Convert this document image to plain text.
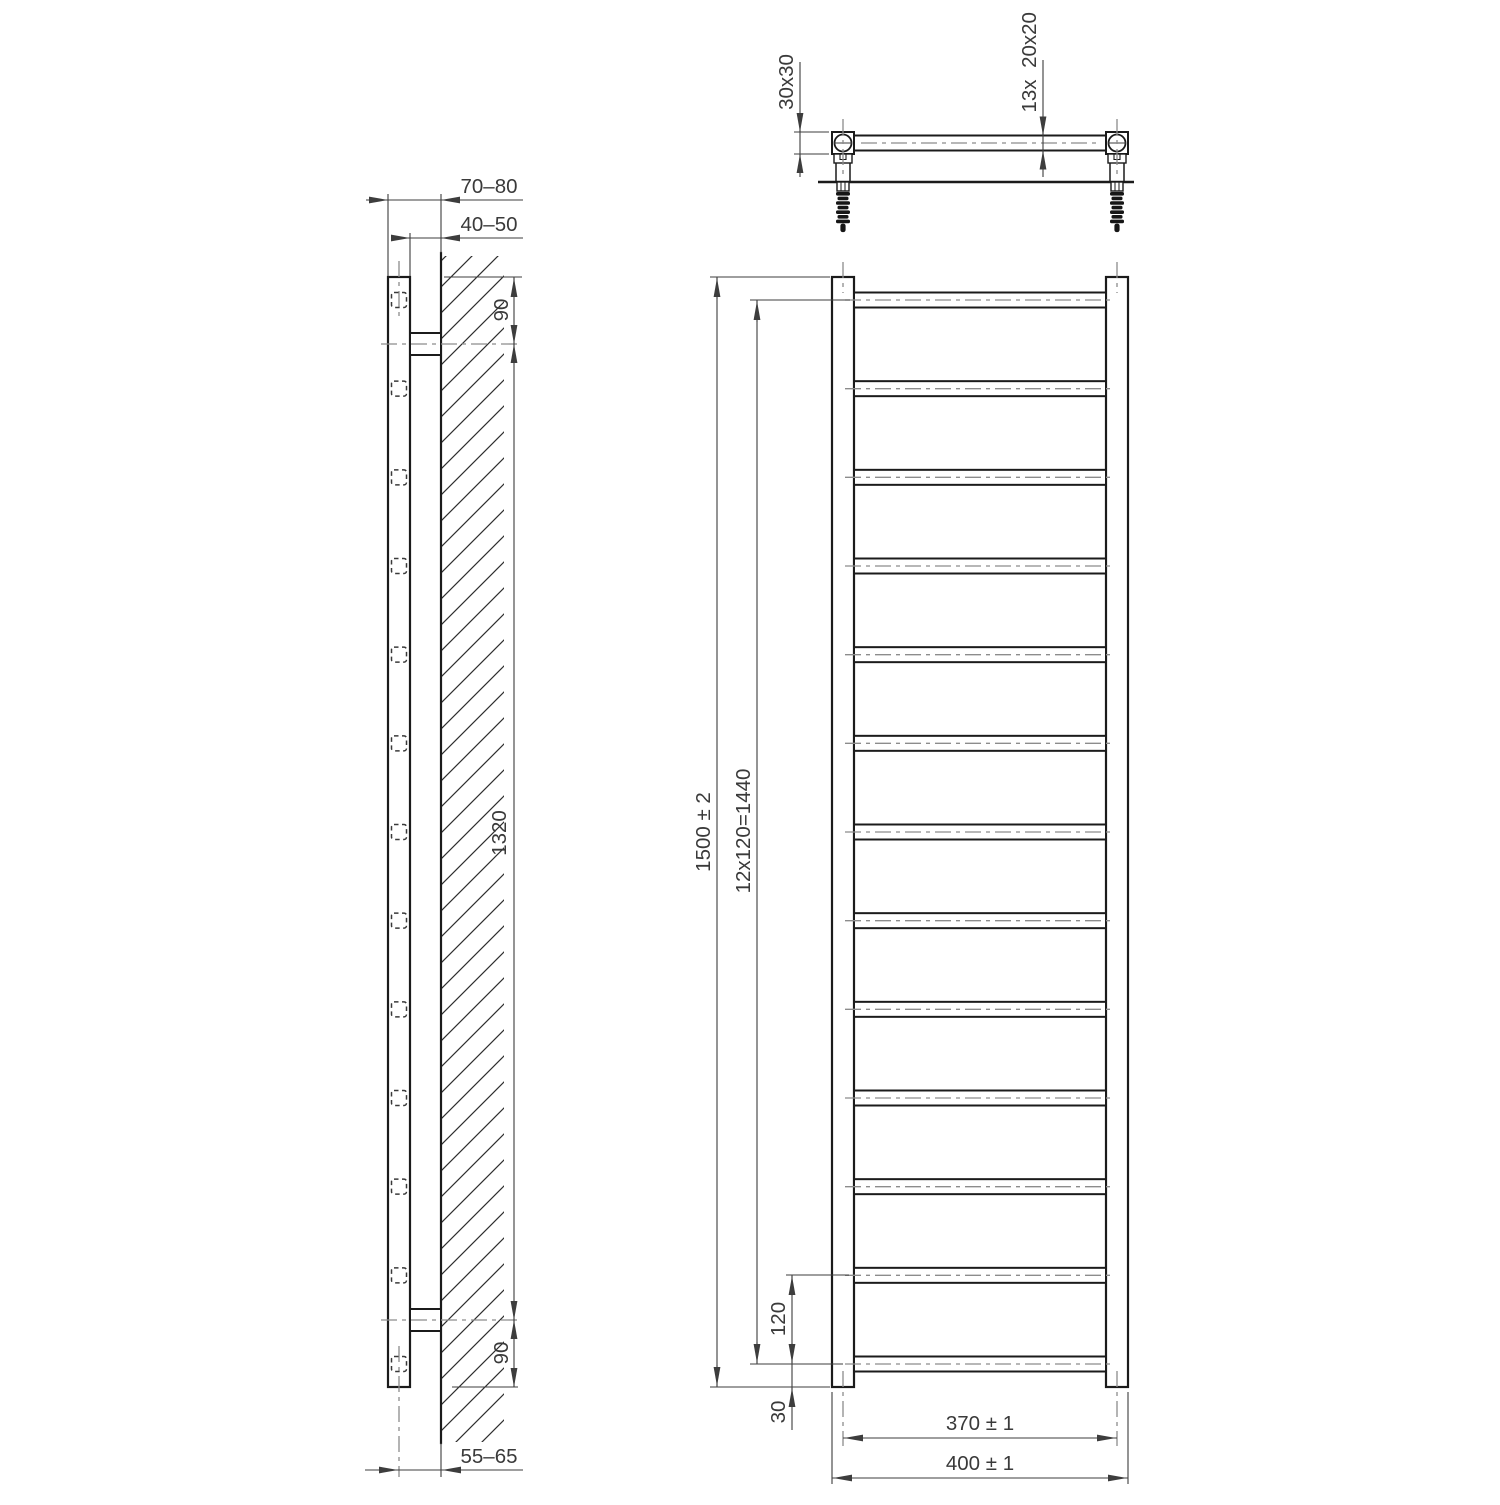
70–80
40–50
90
1320
90
55–65
30x30
20x20
13x
1500 ± 2 12x120=1440
120
30	370 ± 1
400 ± 1
